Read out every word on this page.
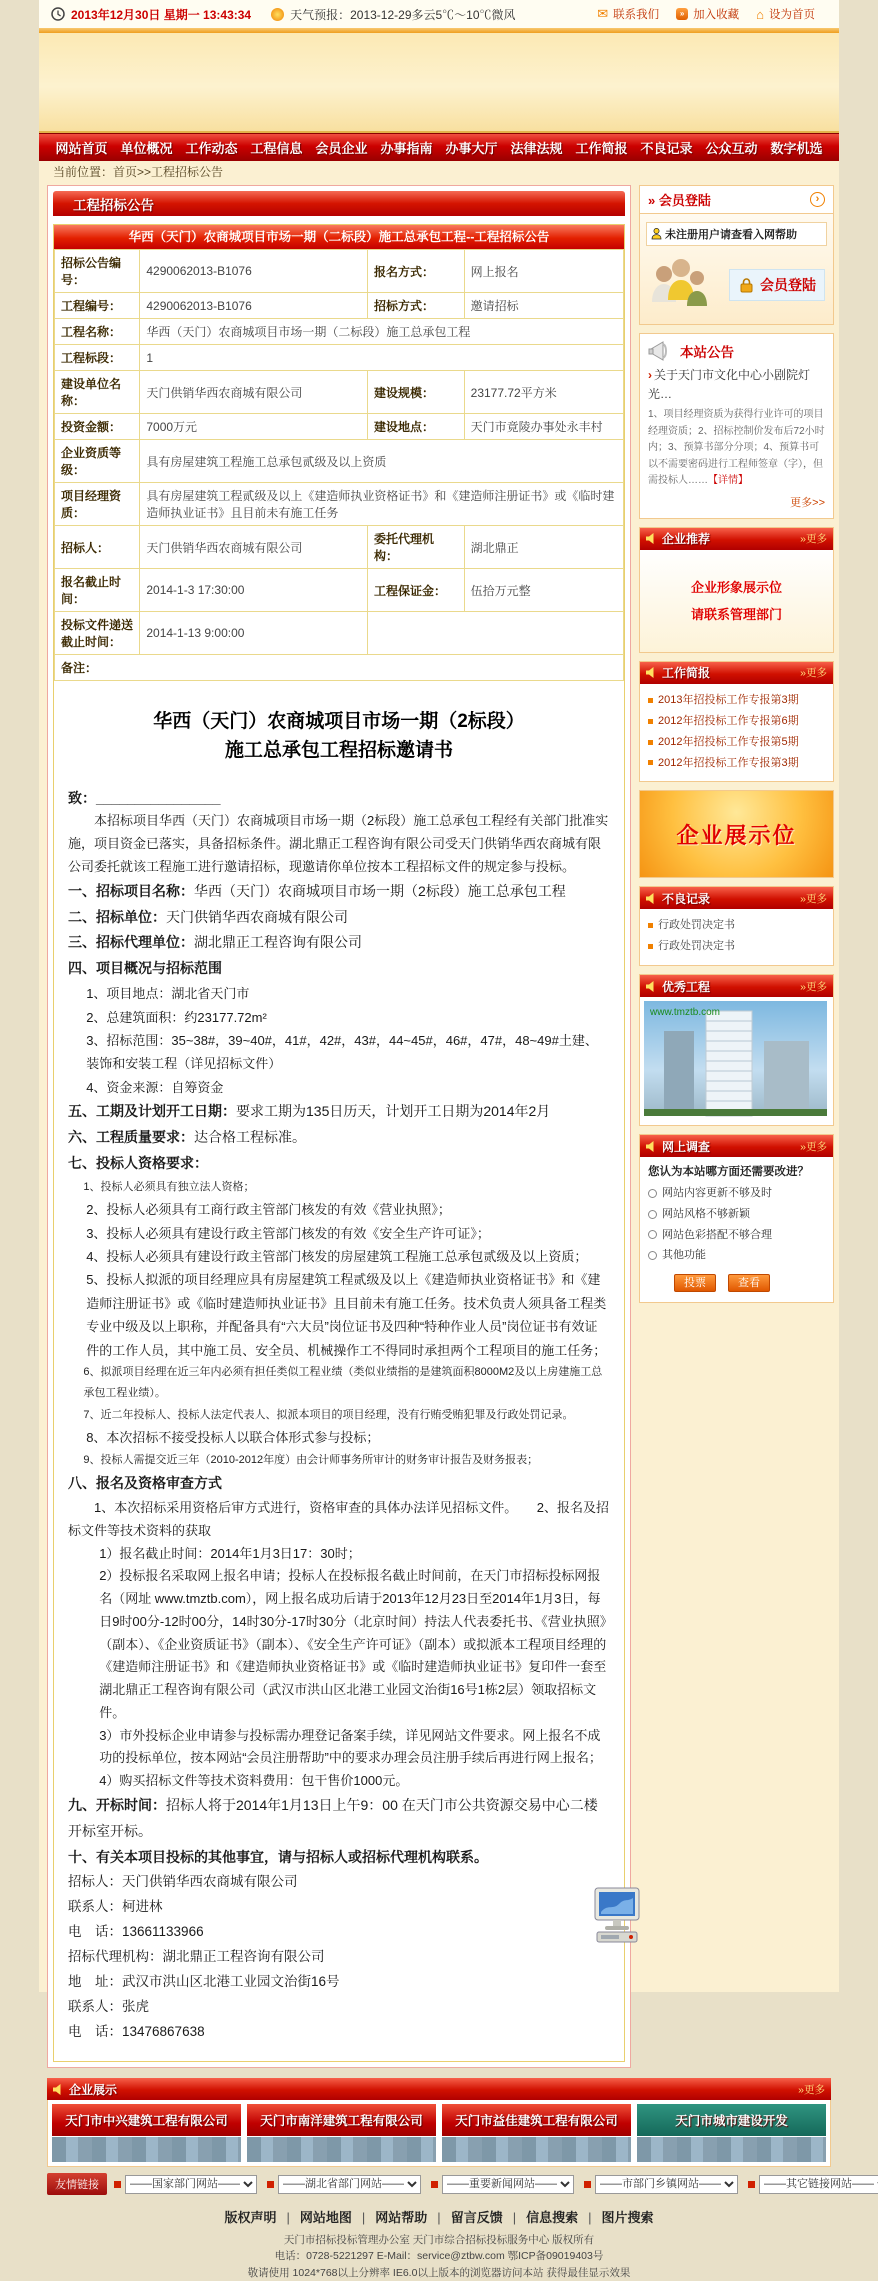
2013年12月30日 星期一 13:43:34	天气预报：2013-12-29多云5℃～10℃微风	✉ 联系我们	» 加入收藏 ⌂ 设为首页
网站首页 单位概况 工作动态 工程信息 会员企业 办事指南 办事大厅 法律法规 工作简报 不良记录 公众互动 数字机选
当前位置：首页>>工程招标公告
工程招标公告
华西（天门）农商城项目市场一期（二标段）施工总承包工程--工程招标公告
招标公告编号：	4290062013-B1076	报名方式：	网上报名
工程编号：	4290062013-B1076	招标方式：	邀请招标
工程名称：	华西（天门）农商城项目市场一期（二标段）施工总承包工程		
工程标段：	1		
建设单位名称：	天门供销华西农商城有限公司	建设规模：	23177.72平方米
投资金额：	7000万元	建设地点：	天门市竟陵办事处永丰村
企业资质等级：	具有房屋建筑工程施工总承包贰级及以上资质		
项目经理资质：	具有房屋建筑工程贰级及以上《建造师执业资格证书》和《建造师注册证书》或《临时建造师执业证书》且目前未有施工任务		
招标人：	天门供销华西农商城有限公司	委托代理机构：	湖北鼎正
报名截止时间：	2014-1-3 17:30:00	工程保证金：	伍拾万元整
投标文件递送截止时间：	2014-1-13 9:00:00		
备注：			
华西（天门）农商城项目市场一期（2标段）
施工总承包工程招标邀请书
致：________________
本招标项目华西（天门）农商城项目市场一期（2标段）施工总承包工程经有关部门批准实施，项目资金已落实，具备招标条件。湖北鼎正工程咨询有限公司受天门供销华西农商城有限公司委托就该工程施工进行邀请招标，现邀请你单位按本工程招标文件的规定参与投标。
一、招标项目名称：华西（天门）农商城项目市场一期（2标段）施工总承包工程
二、招标单位：天门供销华西农商城有限公司
三、招标代理单位：湖北鼎正工程咨询有限公司
四、项目概况与招标范围
1、项目地点：湖北省天门市
2、总建筑面积：约23177.72m²
3、招标范围：35~38#，39~40#，41#，42#，43#，44~45#，46#，47#，48~49#土建、装饰和安装工程（详见招标文件）
4、资金来源：自筹资金
五、工期及计划开工日期：要求工期为135日历天，计划开工日期为2014年2月
六、工程质量要求：达合格工程标准。
七、投标人资格要求：
1、投标人必须具有独立法人资格；
2、投标人必须具有工商行政主管部门核发的有效《营业执照》；
3、投标人必须具有建设行政主管部门核发的有效《安全生产许可证》；
4、投标人必须具有建设行政主管部门核发的房屋建筑工程施工总承包贰级及以上资质；
5、投标人拟派的项目经理应具有房屋建筑工程贰级及以上《建造师执业资格证书》和《建造师注册证书》或《临时建造师执业证书》且目前未有施工任务。技术负责人须具备工程类专业中级及以上职称，并配备具有“六大员”岗位证书及四种“特种作业人员”岗位证书有效证件的工作人员，其中施工员、安全员、机械操作工不得同时承担两个工程项目的施工任务；
6、拟派项目经理在近三年内必须有担任类似工程业绩（类似业绩指的是建筑面积8000M2及以上房建施工总承包工程业绩）。
7、近二年投标人、投标人法定代表人、拟派本项目的项目经理，没有行贿受贿犯罪及行政处罚记录。
8、本次招标不接受投标人以联合体形式参与投标；
9、投标人需提交近三年（2010-2012年度）由会计师事务所审计的财务审计报告及财务报表；
八、报名及资格审查方式
1、本次招标采用资格后审方式进行，资格审查的具体办法详见招标文件。　　2、报名及招标文件等技术资料的获取
1）报名截止时间：2014年1月3日17：30时；
2）投标报名采取网上报名申请；投标人在投标报名截止时间前，在天门市招标投标网报名（网址 www.tmztb.com），网上报名成功后请于2013年12月23日至2014年1月3日，每日9时00分-12时00分，14时30分-17时30分（北京时间）持法人代表委托书、《营业执照》（副本）、《企业资质证书》（副本）、《安全生产许可证》（副本）或拟派本工程项目经理的《建造师注册证书》和《建造师执业资格证书》或《临时建造师执业证书》复印件一套至湖北鼎正工程咨询有限公司（武汉市洪山区北港工业园文治街16号1栋2层）领取招标文件。
3）市外投标企业申请参与投标需办理登记备案手续，详见网站文件要求。网上报名不成功的投标单位，按本网站“会员注册帮助”中的要求办理会员注册手续后再进行网上报名；
4）购买招标文件等技术资料费用：包干售价1000元。
九、开标时间：招标人将于2014年1月13日上午9：00 在天门市公共资源交易中心二楼开标室开标。
十、有关本项目投标的其他事宜，请与招标人或招标代理机构联系。
招标人：天门供销华西农商城有限公司
联系人：柯进林
电　话：13661133966
招标代理机构：湖北鼎正工程咨询有限公司
地　址：武汉市洪山区北港工业园文治街16号
联系人：张虎
电　话：13476867638
» 会员登陆	›
未注册用户请查看入网帮助
会员登陆
本站公告
› 关于天门市文化中心小剧院灯光…
1、项目经理资质为获得行业许可的项目经理资质；2、招标控制价发布后72小时内；3、预算书部分分项；4、预算书可以不需要密码进行工程师签章（字），但需投标人……【详情】
更多>>
企业推荐	»更多
企业形象展示位
请联系管理部门
工作简报	»更多
2013年招投标工作专报第3期
2012年招投标工作专报第6期
2012年招投标工作专报第5期
2012年招投标工作专报第3期
企业展示位
不良记录	»更多
行政处罚决定书
行政处罚决定书
优秀工程	»更多
www.tmztb.com
网上调查	»更多
您认为本站哪方面还需要改进？
网站内容更新不够及时
网站风格不够新颖
网站色彩搭配不够合理
其他功能
投票	查看
企业展示	»更多
天门市中兴建筑工程有限公司	天门市南洋建筑工程有限公司	天门市益佳建筑工程有限公司	天门市城市建设开发
友情链接
——国家部门网站——
——湖北省部门网站——
——重要新闻网站——
——市部门乡镇网站——
——其它链接网站——
版权声明 | 网站地图 | 网站帮助 | 留言反馈 | 信息搜索 | 图片搜索
天门市招标投标管理办公室 天门市综合招标投标服务中心 版权所有
电话：0728-5221297 E-Mail：service@ztbw.com 鄂ICP备09019403号
敬请使用 1024*768以上分辨率 IE6.0以上版本的浏览器访问本站 获得最佳显示效果
